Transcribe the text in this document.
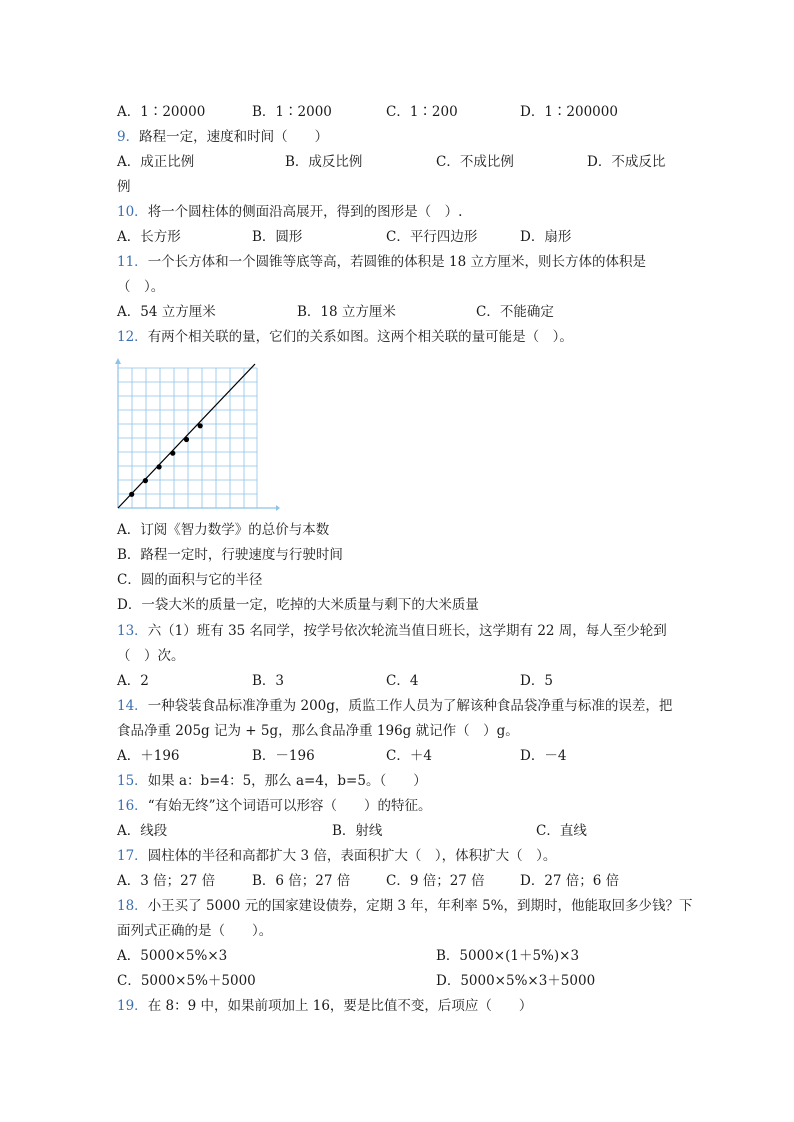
A．1∶20000	B．1∶2000	C．1∶200	D．1∶200000
9．路程一定，速度和时间（　　）
A．成正比例	B．成反比例	C．不成比例	D．不成反比
例
10．将一个圆柱体的侧面沿高展开，得到的图形是（　）.
A．长方形	B．圆形	C．平行四边形	D．扇形
11．一个长方体和一个圆锥等底等高，若圆锥的体积是 18 立方厘米，则长方体的体积是
（　）。
A．54 立方厘米	B．18 立方厘米	C．不能确定
12．有两个相关联的量，它们的关系如图。这两个相关联的量可能是（　）。
A．订阅《智力数学》的总价与本数
B．路程一定时，行驶速度与行驶时间
C．圆的面积与它的半径
D．一袋大米的质量一定，吃掉的大米质量与剩下的大米质量
13．六（1）班有 35 名同学，按学号依次轮流当值日班长，这学期有 22 周，每人至少轮到
（　）次。
A．2	B．3	C．4	D．5
14．一种袋装食品标准净重为 200g，质监工作人员为了解该种食品袋净重与标准的误差，把
食品净重 205g 记为 + 5g，那么食品净重 196g 就记作（　）g。
A．＋196	B．－196	C．＋4	D．－4
15．如果 a：b=4：5，那么 a=4，b=5。（　　）
16．“有始无终”这个词语可以形容（　　）的特征。
A．线段	B．射线	C．直线
17．圆柱体的半径和高都扩大 3 倍，表面积扩大（　），体积扩大（　）。
A．3 倍；27 倍	B．6 倍；27 倍	C．9 倍；27 倍	D．27 倍；6 倍
18．小王买了 5000 元的国家建设债券，定期 3 年，年利率 5%，到期时，他能取回多少钱？下
面列式正确的是（　　）。
A．5000×5%×3	B．5000×(1＋5%)×3
C．5000×5%＋5000	D．5000×5%×3＋5000
19．在 8：9 中，如果前项加上 16，要是比值不变，后项应（　　）
